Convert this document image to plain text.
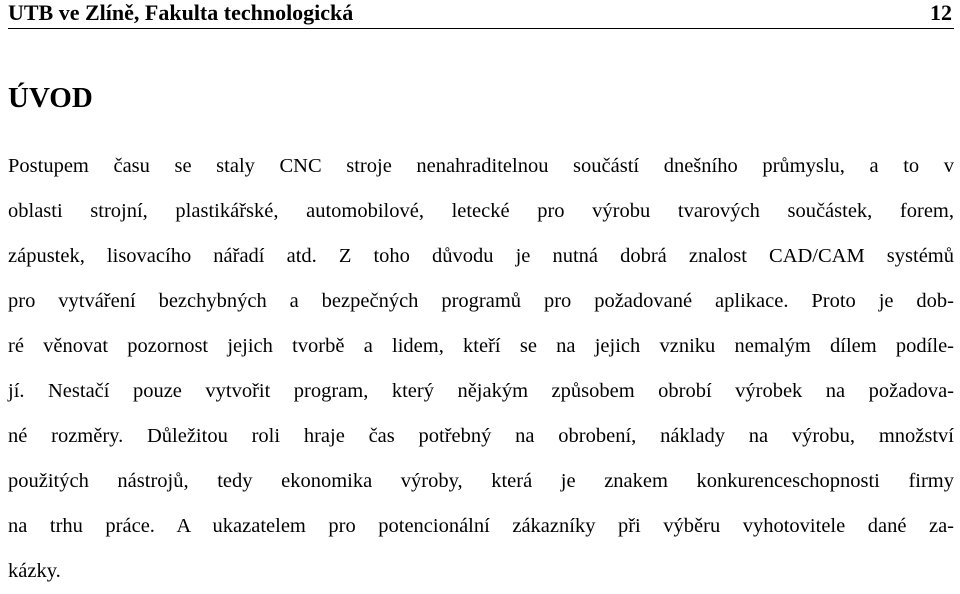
UTB ve Zlíně, Fakulta technologická	12
ÚVOD
Postupem času se staly CNC stroje nenahraditelnou součástí dnešního průmyslu, a to v
oblasti strojní, plastikářské, automobilové, letecké pro výrobu tvarových součástek, forem,
zápustek, lisovacího nářadí atd. Z toho důvodu je nutná dobrá znalost CAD/CAM systémů
pro vytváření bezchybných a bezpečných programů pro požadované aplikace. Proto je dob-
ré věnovat pozornost jejich tvorbě a lidem, kteří se na jejich vzniku nemalým dílem podíle-
jí. Nestačí pouze vytvořit program, který nějakým způsobem obrobí výrobek na požadova-
né rozměry. Důležitou roli hraje čas potřebný na obrobení, náklady na výrobu, množství
použitých nástrojů, tedy ekonomika výroby, která je znakem konkurenceschopnosti firmy
na trhu práce. A ukazatelem pro potencionální zákazníky při výběru vyhotovitele dané za-
kázky.
